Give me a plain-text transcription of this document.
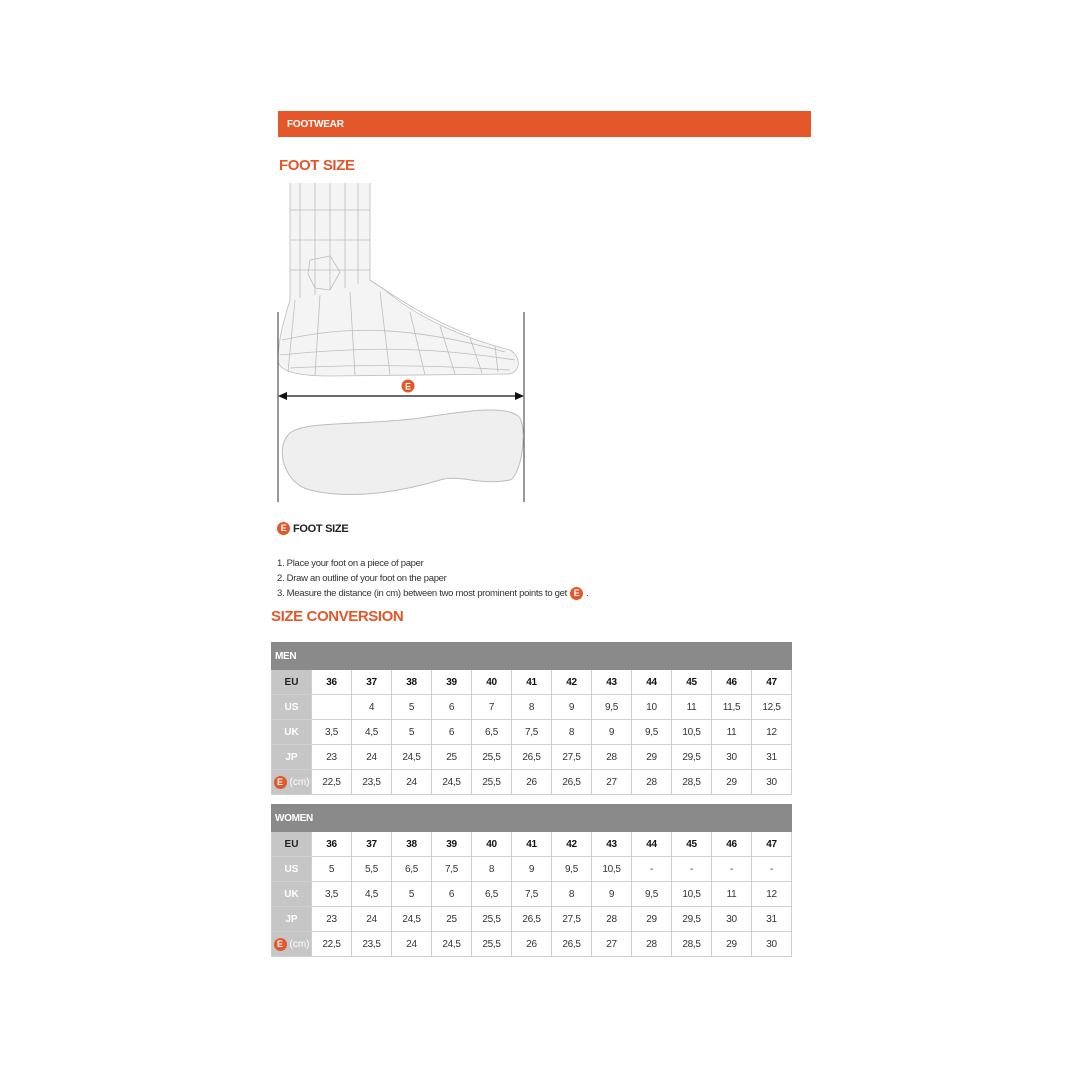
FOOTWEAR
FOOT SIZE
E
E FOOT SIZE
1. Place your foot on a piece of paper
2. Draw an outline of your foot on the paper
3. Measure the distance (in cm) between two most prominent points to get E .
SIZE CONVERSION
MEN												
EU	36	37	38	39	40	41	42	43	44	45	46	47
US		4	5	6	7	8	9	9,5	10	11	11,5	12,5
UK	3,5	4,5	5	6	6,5	7,5	8	9	9,5	10,5	11	12
JP	23	24	24,5	25	25,5	26,5	27,5	28	29	29,5	30	31

E (cm)	22,5	23,5	24	24,5	25,5	26	26,5	27	28	28,5	29	30
WOMEN												
EU	36	37	38	39	40	41	42	43	44	45	46	47
US	5	5,5	6,5	7,5	8	9	9,5	10,5	-	-	-	-
UK	3,5	4,5	5	6	6,5	7,5	8	9	9,5	10,5	11	12
JP	23	24	24,5	25	25,5	26,5	27,5	28	29	29,5	30	31

E (cm)	22,5	23,5	24	24,5	25,5	26	26,5	27	28	28,5	29	30
